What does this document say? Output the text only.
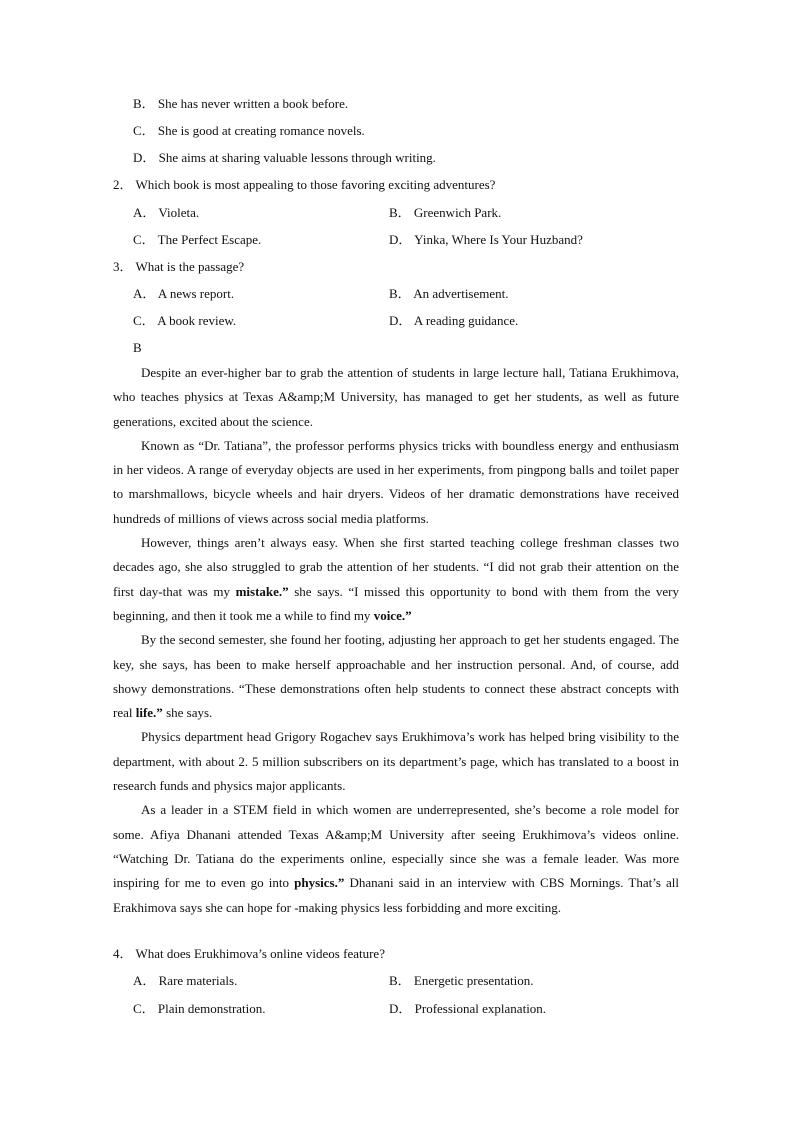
B． She has never written a book before.
C． She is good at creating romance novels.
D． She aims at sharing valuable lessons through writing.
2． Which book is most appealing to those favoring exciting adventures?
A． Violeta.	B． Greenwich Park.
C． The Perfect Escape.	D． Yinka, Where Is Your Huzband?
3． What is the passage?
A． A news report.	B． An advertisement.
C． A book review.	D． A reading guidance.
B
Despite an ever-higher bar to grab the attention of students in large lecture hall, Tatiana Erukhimova, who teaches physics at Texas A&amp;M University, has managed to get her students, as well as future generations, excited about the science.
Known as “Dr. Tatiana”, the professor performs physics tricks with boundless energy and enthusiasm in her videos. A range of everyday objects are used in her experiments, from pingpong balls and toilet paper to marshmallows, bicycle wheels and hair dryers. Videos of her dramatic demonstrations have received hundreds of millions of views across social media platforms.
However, things aren’t always easy. When she first started teaching college freshman classes two decades ago, she also struggled to grab the attention of her students. “I did not grab their attention on the first day-that was my mistake.” she says. “I missed this opportunity to bond with them from the very beginning, and then it took me a while to find my voice.”
By the second semester, she found her footing, adjusting her approach to get her students engaged. The key, she says, has been to make herself approachable and her instruction personal. And, of course, add showy demonstrations. “These demonstrations often help students to connect these abstract concepts with real life.” she says.
Physics department head Grigory Rogachev says Erukhimova’s work has helped bring visibility to the department, with about 2. 5 million subscribers on its department’s page, which has translated to a boost in research funds and physics major applicants.
As a leader in a STEM field in which women are underrepresented, she’s become a role model for some. Afiya Dhanani attended Texas A&amp;M University after seeing Erukhimova’s videos online. “Watching Dr. Tatiana do the experiments online, especially since she was a female leader. Was more inspiring for me to even go into physics.” Dhanani said in an interview with CBS Mornings. That’s all Erakhimova says she can hope for -making physics less forbidding and more exciting.
4． What does Erukhimova’s online videos feature?
A． Rare materials.	B． Energetic presentation.
C． Plain demonstration.	D． Professional explanation.
